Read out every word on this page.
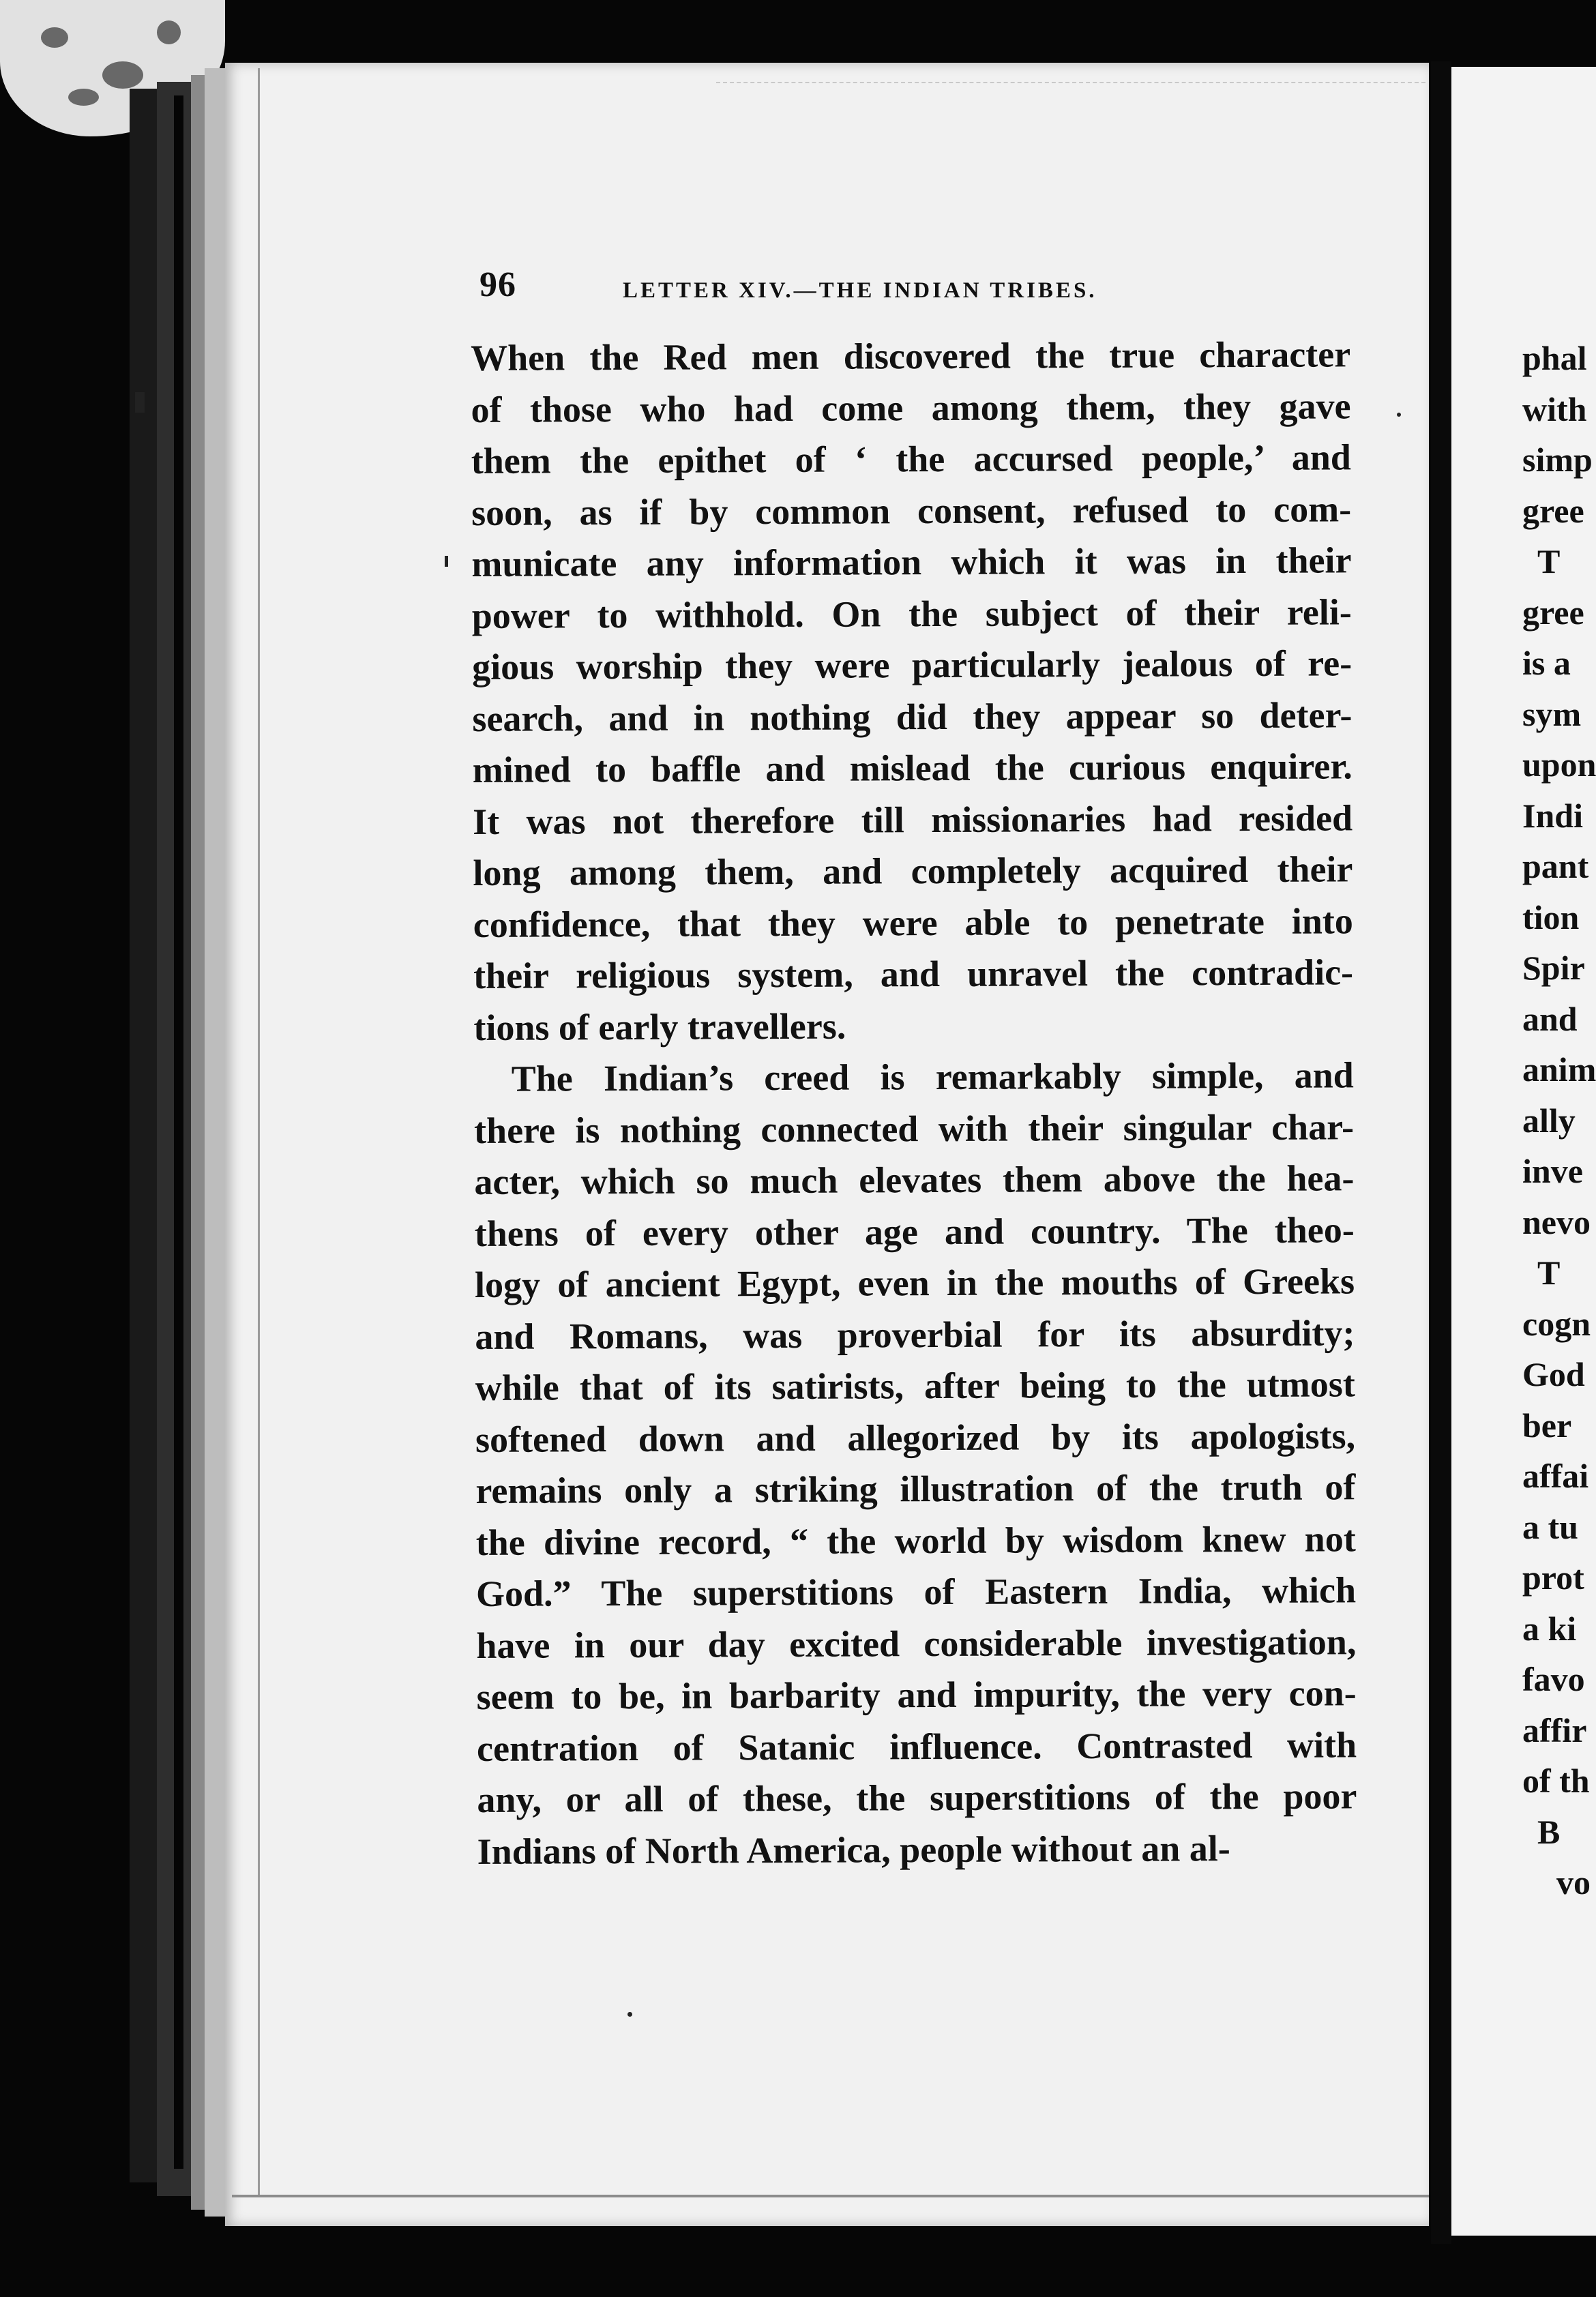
phal
with
simp
gree
T
gree
is a
sym
upon
Indi
pant
tion
Spir
and
anim
ally
inve
nevo
T
cogn
God
ber
affai
a tu
prot
a ki
favo
affir
of th
B
vo
96	LETTER XIV.—THE INDIAN TRIBES.
When the Red men discovered the true character
of those who had come among them, they gave
them the epithet of ‘ the accursed people,’ and
soon, as if by common consent, refused to com-
municate any information which it was in their
power to withhold. On the subject of their reli-
gious worship they were particularly jealous of re-
search, and in nothing did they appear so deter-
mined to baffle and mislead the curious enquirer.
It was not therefore till missionaries had resided
long among them, and completely acquired their
confidence, that they were able to penetrate into
their religious system, and unravel the contradic-
tions of early travellers.
The Indian’s creed is remarkably simple, and
there is nothing connected with their singular char-
acter, which so much elevates them above the hea-
thens of every other age and country. The theo-
logy of ancient Egypt, even in the mouths of Greeks
and Romans, was proverbial for its absurdity;
while that of its satirists, after being to the utmost
softened down and allegorized by its apologists,
remains only a striking illustration of the truth of
the divine record, “ the world by wisdom knew not
God.” The superstitions of Eastern India, which
have in our day excited considerable investigation,
seem to be, in barbarity and impurity, the very con-
centration of Satanic influence. Contrasted with
any, or all of these, the superstitions of the poor
Indians of North America, people without an al-
